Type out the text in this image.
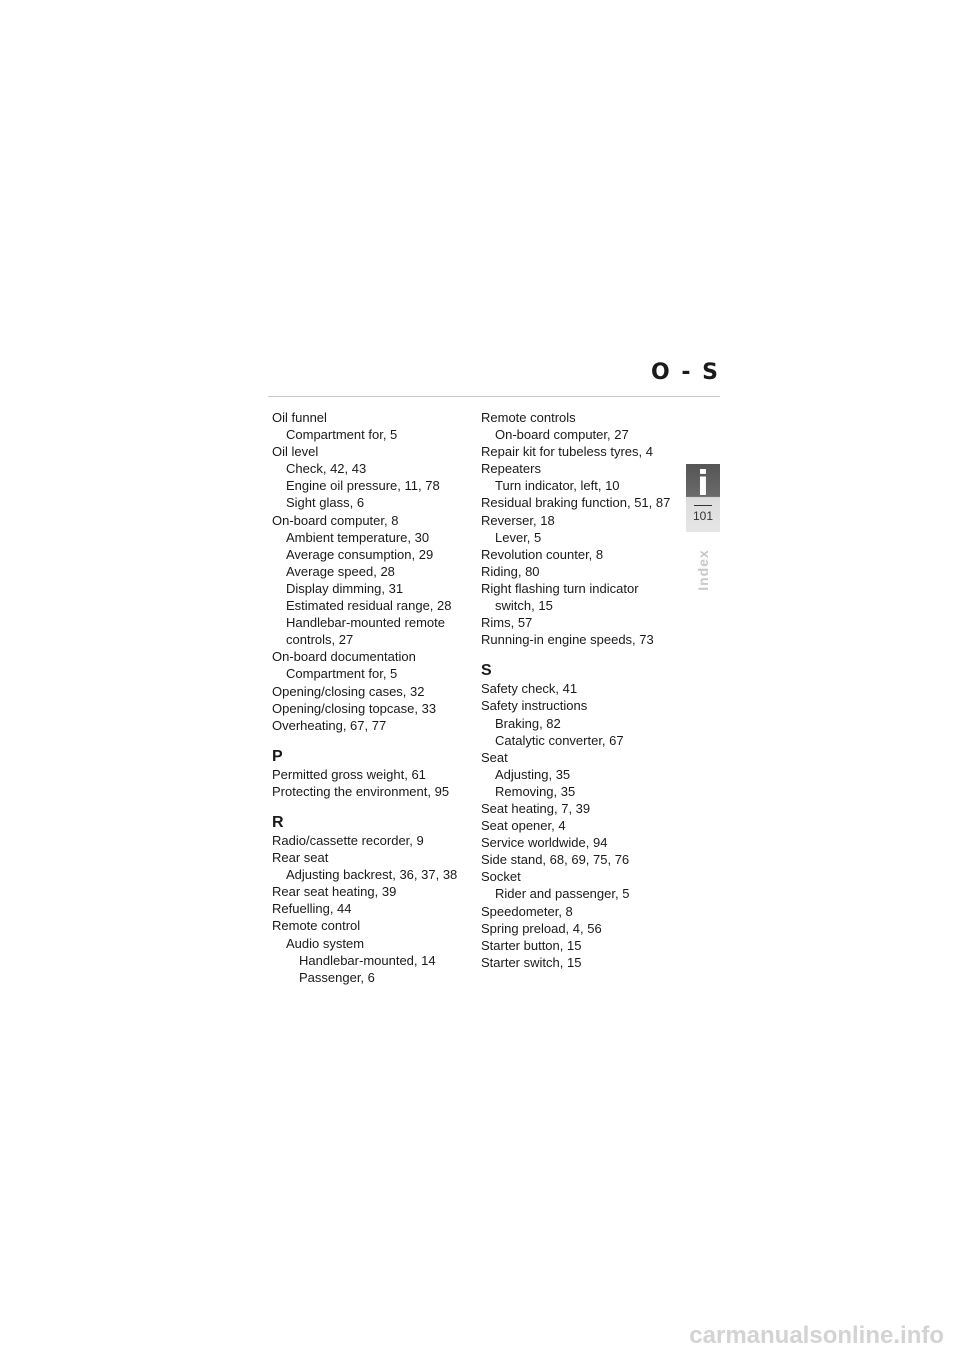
O - S
Oil funnel
Compartment for, 5
Oil level
Check, 42, 43
Engine oil pressure, 11, 78
Sight glass, 6
On-board computer, 8
Ambient temperature, 30
Average consumption, 29
Average speed, 28
Display dimming, 31
Estimated residual range, 28
Handlebar-mounted remote
controls, 27
On-board documentation
Compartment for, 5
Opening/closing cases, 32
Opening/closing topcase, 33
Overheating, 67, 77
P
Permitted gross weight, 61
Protecting the environment, 95
R
Radio/cassette recorder, 9
Rear seat
Adjusting backrest, 36, 37, 38
Rear seat heating, 39
Refuelling, 44
Remote control
Audio system
Handlebar-mounted, 14
Passenger, 6
Remote controls
On-board computer, 27
Repair kit for tubeless tyres, 4
Repeaters
Turn indicator, left, 10
Residual braking function, 51, 87
Reverser, 18
Lever, 5
Revolution counter, 8
Riding, 80
Right flashing turn indicator
switch, 15
Rims, 57
Running-in engine speeds, 73
S
Safety check, 41
Safety instructions
Braking, 82
Catalytic converter, 67
Seat
Adjusting, 35
Removing, 35
Seat heating, 7, 39
Seat opener, 4
Service worldwide, 94
Side stand, 68, 69, 75, 76
Socket
Rider and passenger, 5
Speedometer, 8
Spring preload, 4, 56
Starter button, 15
Starter switch, 15
i
101
Index
carmanualsonline.info
